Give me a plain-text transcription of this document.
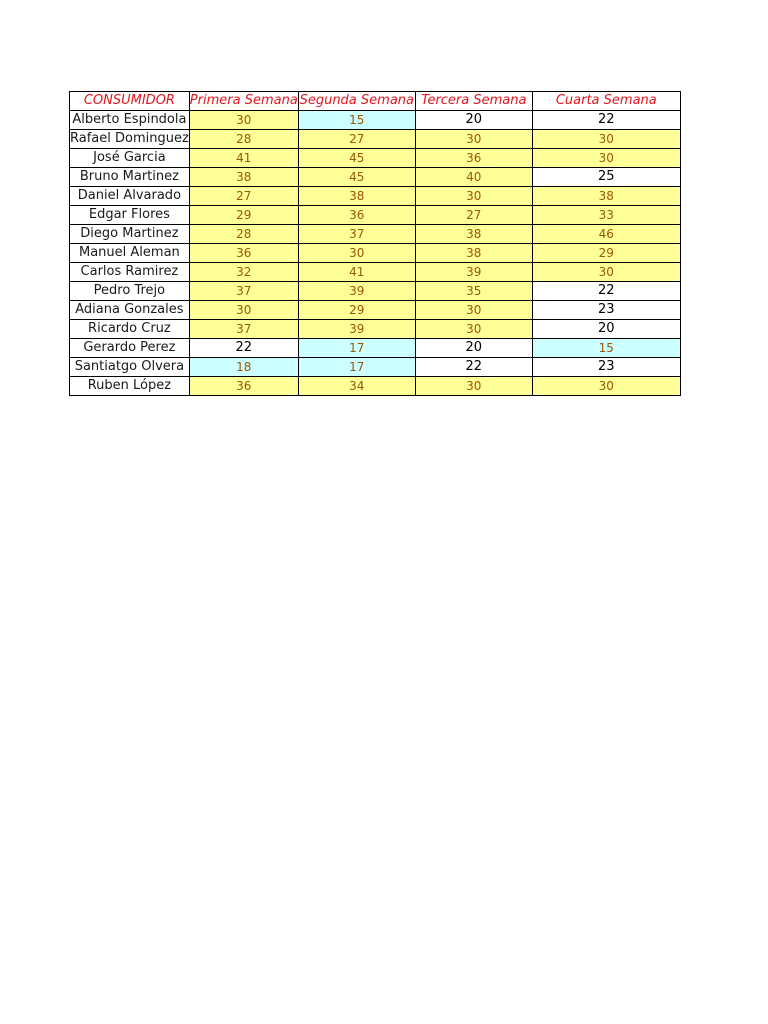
CONSUMIDOR	Primera Semana	Segunda Semana	Tercera Semana	Cuarta Semana
Alberto Espindola	30	15	20	22
Rafael Dominguez	28	27	30	30
José Garcia	41	45	36	30
Bruno Martinez	38	45	40	25
Daniel Alvarado	27	38	30	38
Edgar Flores	29	36	27	33
Diego Martinez	28	37	38	46
Manuel Aleman	36	30	38	29
Carlos Ramirez	32	41	39	30
Pedro Trejo	37	39	35	22
Adiana Gonzales	30	29	30	23
Ricardo Cruz	37	39	30	20
Gerardo Perez	22	17	20	15
Santiatgo Olvera	18	17	22	23
Ruben López	36	34	30	30
